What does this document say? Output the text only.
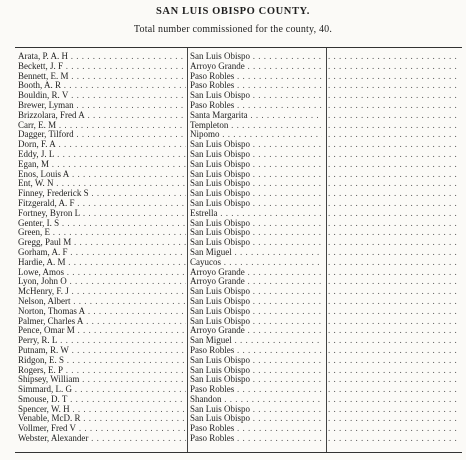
SAN LUIS OBISPO COUNTY.
Total number commissioned for the county, 40.
Arata, P. A. H . . .	San Luis Obispo . . .
. . .
Beckett, J. F . . .	Arroyo Grande . . .
. . .
Bennett, E. M . . .	Paso Robles . . .
. . .
Booth, A. R . . .	Paso Robles . . .
. . .
Bouldin, R. V . . .	San Luis Obispo . . .
. . .
Brewer, Lyman . . .	Paso Robles . . .
. . .
Brizzolara, Fred A . . .	Santa Margarita . . .
. . .
Carr, E. M . . .	Templeton . . .
. . .
Dagger, Tilford . . .	Nipomo . . .
. . .
Dorn, F. A . . .	San Luis Obispo . . .
. . .
Eddy, J. L . . .	San Luis Obispo . . .
. . .
Egan, M . . .	San Luis Obispo . . .
. . .
Enos, Louis A . . .	San Luis Obispo . . .
. . .
Ent, W. N . . .	San Luis Obispo . . .
. . .
Finney, Frederick S . . .	San Luis Obispo . . .
. . .
Fitzgerald, A. F . . .	San Luis Obispo . . .
. . .
Fortney, Byron L . . .	Estrella . . .
. . .
Genter, I. S . . .	San Luis Obispo . . .
. . .
Green, E . . .	San Luis Obispo . . .
. . .
Gregg, Paul M . . .	San Luis Obispo . . .
. . .
Gorham, A. F . . .	San Miguel . . .
. . .
Hardie, A. M . . .	Cayucos . . .
. . .
Lowe, Amos . . .	Arroyo Grande . . .
. . .
Lyon, John O . . .	Arroyo Grande . . .
. . .
McHenry, F. J . . .	San Luis Obispo . . .
. . .
Nelson, Albert . . .	San Luis Obispo . . .
. . .
Norton, Thomas A . . .	San Luis Obispo . . .
. . .
Palmer, Charles A . . .	San Luis Obispo . . .
. . .
Pence, Omar M . . .	Arroyo Grande . . .
. . .
Perry, R. L . . .	San Miguel . . .
. . .
Putnam, R. W . . .	Paso Robles . . .
. . .
Ridgon, E. S . . .	San Luis Obispo . . .
. . .
Rogers, E. P . . .	San Luis Obispo . . .
. . .
Shipsey, William . . .	San Luis Obispo . . .
. . .
Simmard, L. G . . .	Paso Robles . . .
. . .
Smouse, D. T . . .	Shandon . . .
. . .
Spencer, W. H . . .	San Luis Obispo . . .
. . .
Venable, McD. R . . .	San Luis Obispo . . .
. . .
Vollmer, Fred V . . .	Paso Robles . . .
. . .
Webster, Alexander . . .	Paso Robles . . .
. . .
